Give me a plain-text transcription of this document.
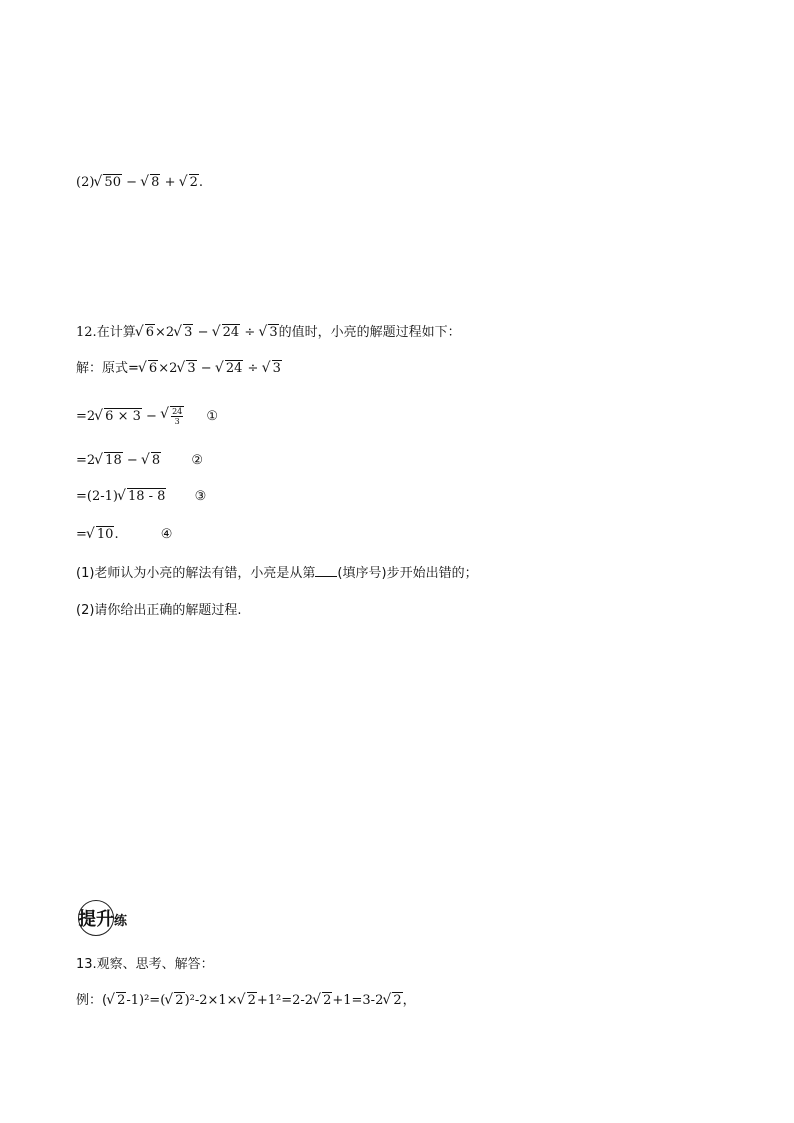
(2) √ 50 − √ 8 + √ 2.
12.在计算 √ 6×2 √ 3 − √ 24 ÷ √ 3的值时，小亮的解题过程如下：
解：原式= √ 6×2 √ 3 − √ 24 ÷ √ 3
=2 √ 6 × 3 − √ $\frac{24}{3}$ ①
=2 √ 18 − √ 8 ②
=(2-1) √ 18 - 8 ③
= √ 10.	④
(1)老师认为小亮的解法有错，小亮是从第 (填序号)步开始出错的；
(2)请你给出正确的解题过程.
提升练
13.观察、思考、解答：
例：( √ 2-1)²=( √ 2)²-2×1× √ 2+1²=2-2 √ 2+1=3-2 √ 2，
